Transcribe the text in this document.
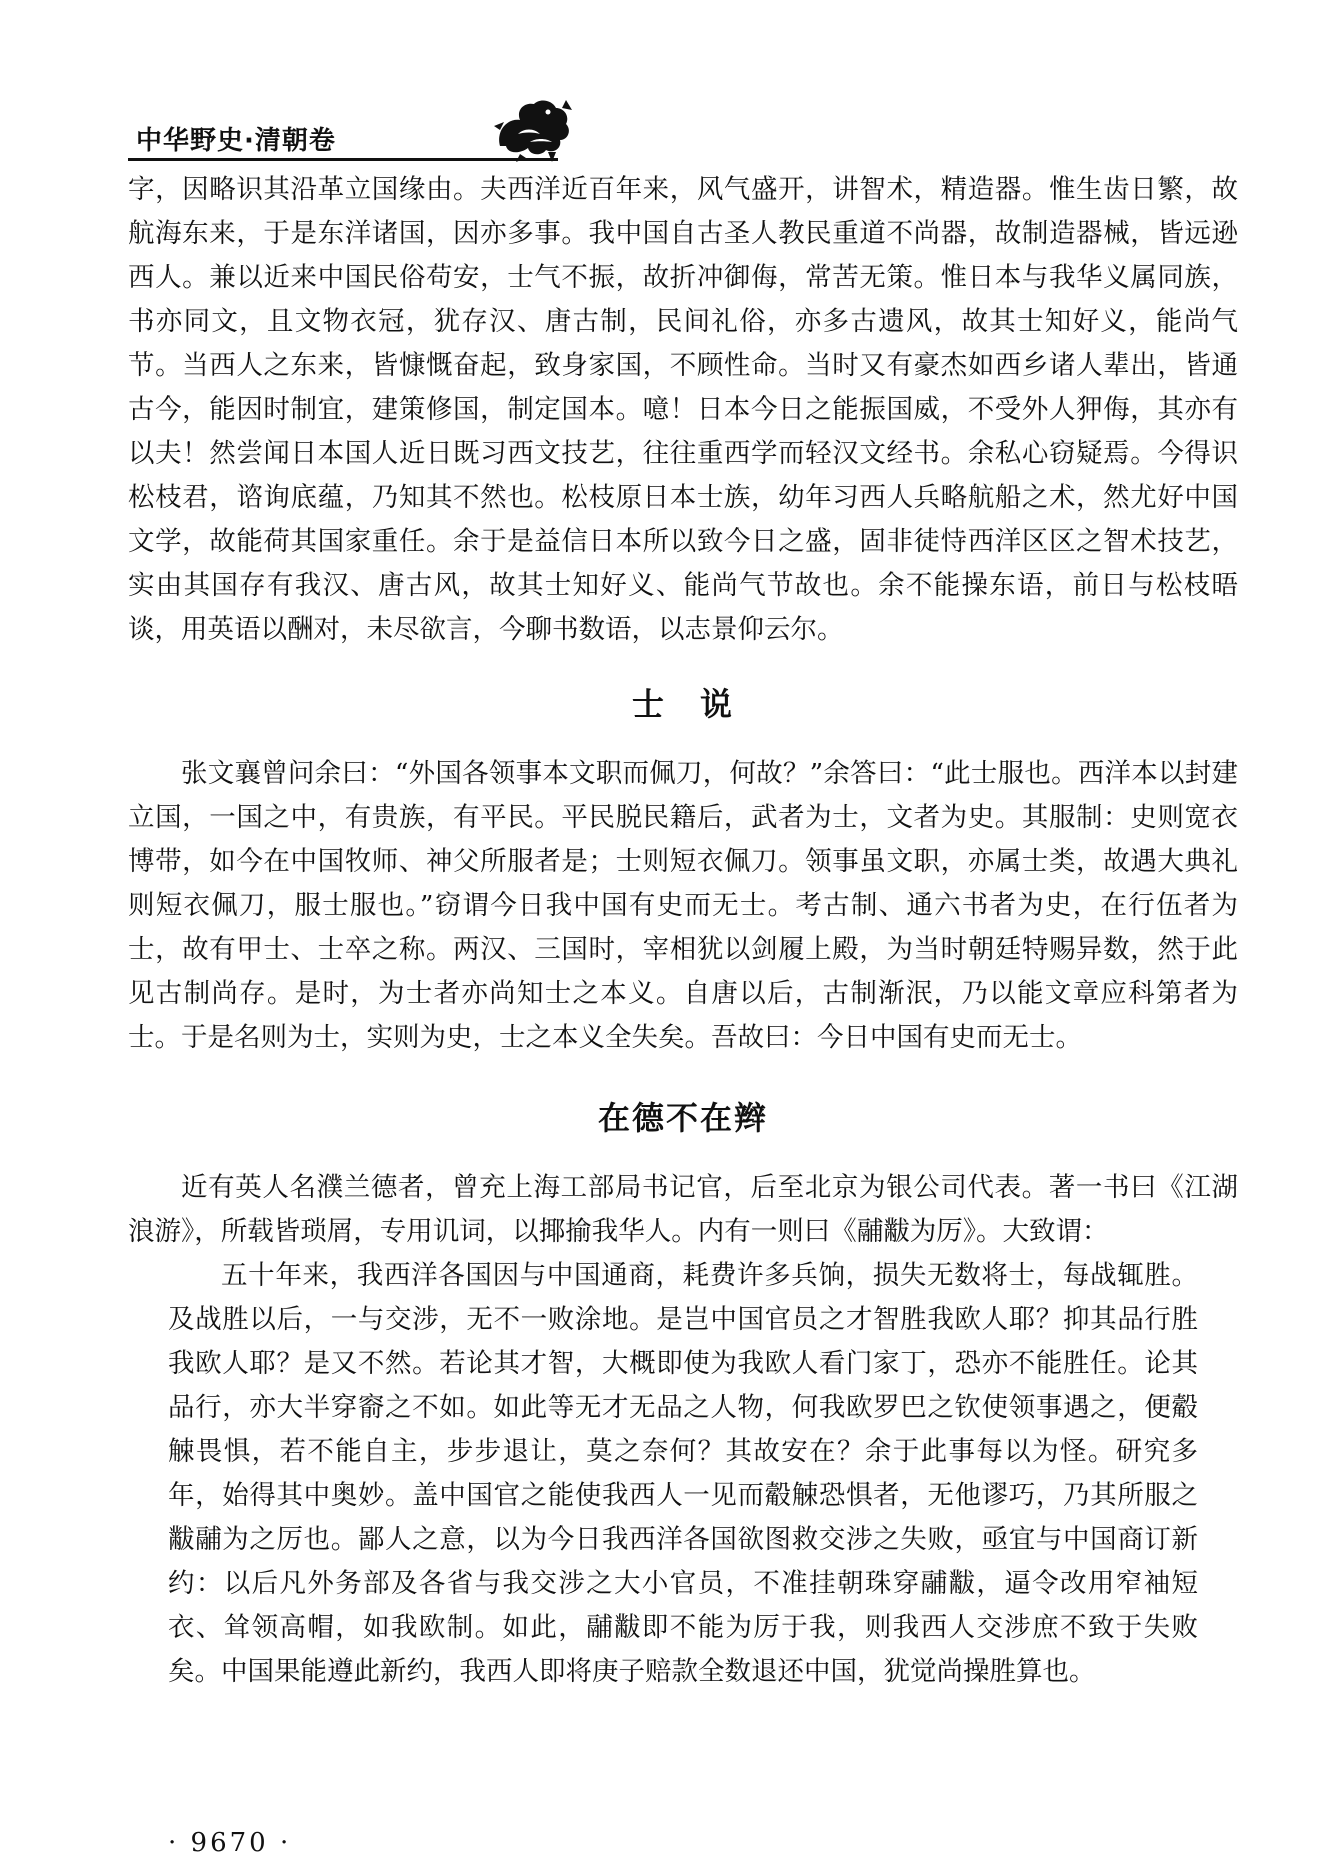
中华野史·清朝卷

字，因略识其沿革立国缘由。夫西洋近百年来，风气盛开，讲智术，精造器。惟生齿日繁，故航海东来，于是东洋诸国，因亦多事。我中国自古圣人教民重道不尚器，故制造器械，皆远逊西人。兼以近来中国民俗苟安，士气不振，故折冲御侮，常苦无策。惟日本与我华义属同族，书亦同文，且文物衣冠，犹存汉、唐古制，民间礼俗，亦多古遗风，故其士知好义，能尚气节。当西人之东来，皆慷慨奋起，致身家国，不顾性命。当时又有豪杰如西乡诸人辈出，皆通古今，能因时制宜，建策修国，制定国本。噫！日本今日之能振国威，不受外人狎侮，其亦有以夫！然尝闻日本国人近日既习西文技艺，往往重西学而轻汉文经书。余私心窃疑焉。今得识松枝君，谘询底蕴，乃知其不然也。松枝原日本士族，幼年习西人兵略航船之术，然尤好中国文学，故能荷其国家重任。余于是益信日本所以致今日之盛，固非徒恃西洋区区之智术技艺，实由其国存有我汉、唐古风，故其士知好义、能尚气节故也。余不能操东语，前日与松枝晤谈，用英语以酬对，未尽欲言，今聊书数语，以志景仰云尔。

士　说

张文襄曾问余曰：“外国各领事本文职而佩刀，何故？”余答曰：“此士服也。西洋本以封建立国，一国之中，有贵族，有平民。平民脱民籍后，武者为士，文者为史。其服制：史则宽衣博带，如今在中国牧师、神父所服者是；士则短衣佩刀。领事虽文职，亦属士类，故遇大典礼则短衣佩刀，服士服也。”窃谓今日我中国有史而无士。考古制、通六书者为史，在行伍者为士，故有甲士、士卒之称。两汉、三国时，宰相犹以剑履上殿，为当时朝廷特赐异数，然于此见古制尚存。是时，为士者亦尚知士之本义。自唐以后，古制渐泯，乃以能文章应科第者为士。于是名则为士，实则为史，士之本义全失矣。吾故曰：今日中国有史而无士。

在德不在辫

近有英人名濮兰德者，曾充上海工部局书记官，后至北京为银公司代表。著一书曰《江湖浪游》，所载皆琐屑，专用讥词，以揶揄我华人。内有一则曰《鬴黻为厉》。大致谓：

五十年来，我西洋各国因与中国通商，耗费许多兵饷，损失无数将士，每战辄胜。及战胜以后，一与交涉，无不一败涂地。是岂中国官员之才智胜我欧人耶？抑其品行胜我欧人耶？是又不然。若论其才智，大概即使为我欧人看门家丁，恐亦不能胜任。论其品行，亦大半穿窬之不如。如此等无才无品之人物，何我欧罗巴之钦使领事遇之，便觳觫畏惧，若不能自主，步步退让，莫之奈何？其故安在？余于此事每以为怪。研究多年，始得其中奥妙。盖中国官之能使我西人一见而觳觫恐惧者，无他谬巧，乃其所服之黻鬴为之厉也。鄙人之意，以为今日我西洋各国欲图救交涉之失败，亟宜与中国商订新约：以后凡外务部及各省与我交涉之大小官员，不准挂朝珠穿鬴黻，逼令改用窄袖短衣、耸领高帽，如我欧制。如此，鬴黻即不能为厉于我，则我西人交涉庶不致于失败矣。中国果能遵此新约，我西人即将庚子赔款全数退还中国，犹觉尚操胜算也。

· 9670 ·
